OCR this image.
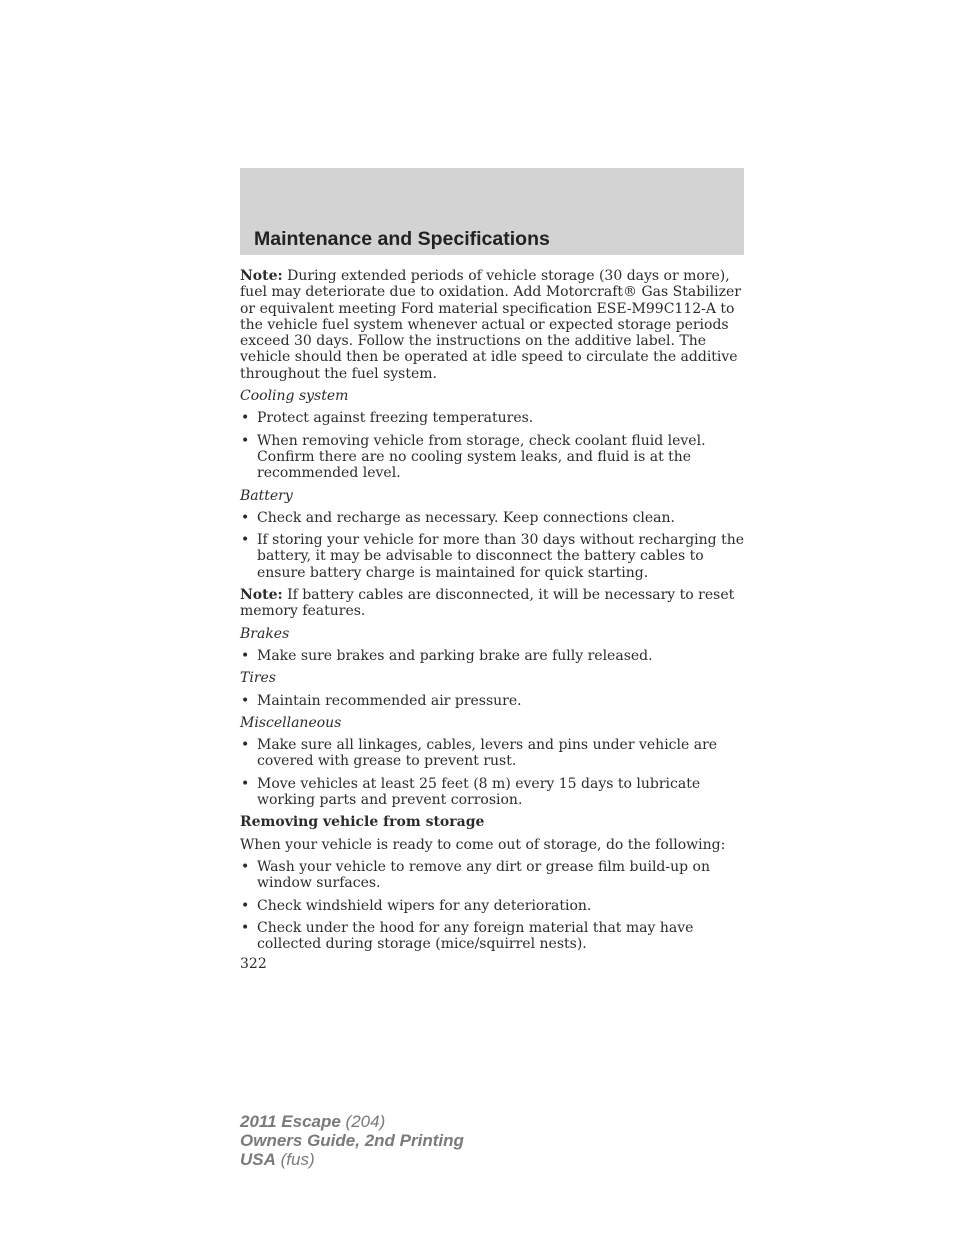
Maintenance and Specifications

Note: During extended periods of vehicle storage (30 days or more), fuel may deteriorate due to oxidation. Add Motorcraft® Gas Stabilizer or equivalent meeting Ford material specification ESE-M99C112-A to the vehicle fuel system whenever actual or expected storage periods exceed 30 days. Follow the instructions on the additive label. The vehicle should then be operated at idle speed to circulate the additive throughout the fuel system.

Cooling system
• Protect against freezing temperatures.
• When removing vehicle from storage, check coolant fluid level. Confirm there are no cooling system leaks, and fluid is at the recommended level.
Battery
• Check and recharge as necessary. Keep connections clean.
• If storing your vehicle for more than 30 days without recharging the battery, it may be advisable to disconnect the battery cables to ensure battery charge is maintained for quick starting.

Note: If battery cables are disconnected, it will be necessary to reset memory features.

Brakes
• Make sure brakes and parking brake are fully released.
Tires
• Maintain recommended air pressure.
Miscellaneous
• Make sure all linkages, cables, levers and pins under vehicle are covered with grease to prevent rust.
• Move vehicles at least 25 feet (8 m) every 15 days to lubricate working parts and prevent corrosion.
Removing vehicle from storage

When your vehicle is ready to come out of storage, do the following:

• Wash your vehicle to remove any dirt or grease film build-up on window surfaces.
• Check windshield wipers for any deterioration.
• Check under the hood for any foreign material that may have collected during storage (mice/squirrel nests).
322
2011 Escape (204)
Owners Guide, 2nd Printing
USA (fus)
